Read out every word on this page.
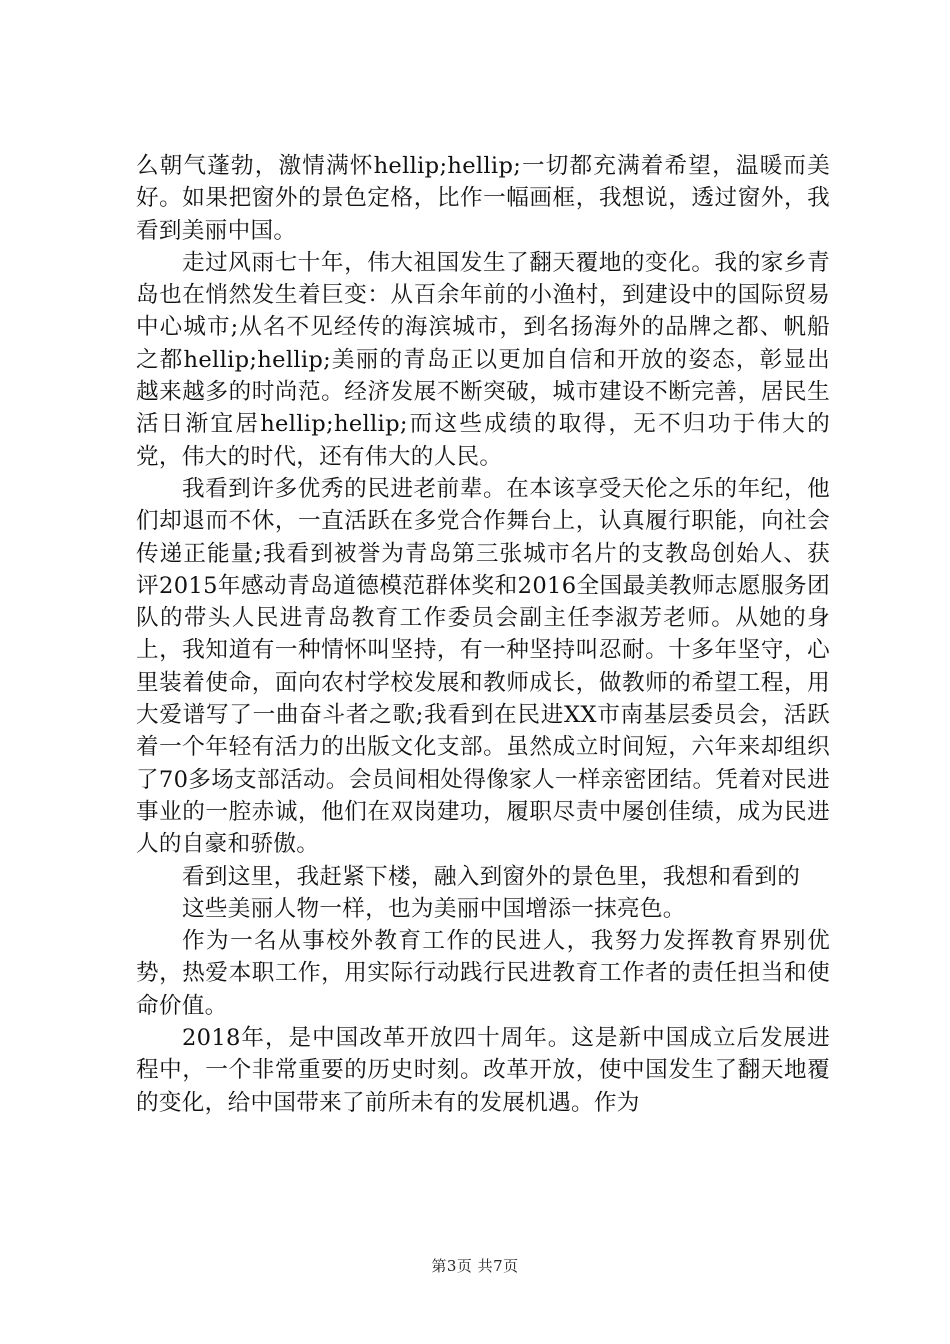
么朝气蓬勃，激情满怀hellip;hellip;一切都充满着希望，温暖而美好。如果把窗外的景色定格，比作一幅画框，我想说，透过窗外，我看到美丽中国。

走过风雨七十年，伟大祖国发生了翻天覆地的变化。我的家乡青岛也在悄然发生着巨变：从百余年前的小渔村，到建设中的国际贸易中心城市;从名不见经传的海滨城市，到名扬海外的品牌之都、帆船之都hellip;hellip;美丽的青岛正以更加自信和开放的姿态，彰显出越来越多的时尚范。经济发展不断突破，城市建设不断完善，居民生活日渐宜居hellip;hellip;而这些成绩的取得，无不归功于伟大的党，伟大的时代，还有伟大的人民。

我看到许多优秀的民进老前辈。在本该享受天伦之乐的年纪，他们却退而不休，一直活跃在多党合作舞台上，认真履行职能，向社会传递正能量;我看到被誉为青岛第三张城市名片的支教岛创始人、获评2015年感动青岛道德模范群体奖和2016全国最美教师志愿服务团队的带头人民进青岛教育工作委员会副主任李淑芳老师。从她的身上，我知道有一种情怀叫坚持，有一种坚持叫忍耐。十多年坚守，心里装着使命，面向农村学校发展和教师成长，做教师的希望工程，用大爱谱写了一曲奋斗者之歌;我看到在民进XX市南基层委员会，活跃着一个年轻有活力的出版文化支部。虽然成立时间短，六年来却组织了70多场支部活动。会员间相处得像家人一样亲密团结。凭着对民进事业的一腔赤诚，他们在双岗建功，履职尽责中屡创佳绩，成为民进人的自豪和骄傲。

看到这里，我赶紧下楼，融入到窗外的景色里，我想和看到的

这些美丽人物一样，也为美丽中国增添一抹亮色。

作为一名从事校外教育工作的民进人，我努力发挥教育界别优势，热爱本职工作，用实际行动践行民进教育工作者的责任担当和使命价值。

2018年，是中国改革开放四十周年。这是新中国成立后发展进程中，一个非常重要的历史时刻。改革开放，使中国发生了翻天地覆的变化，给中国带来了前所未有的发展机遇。作为

第3页 共7页
